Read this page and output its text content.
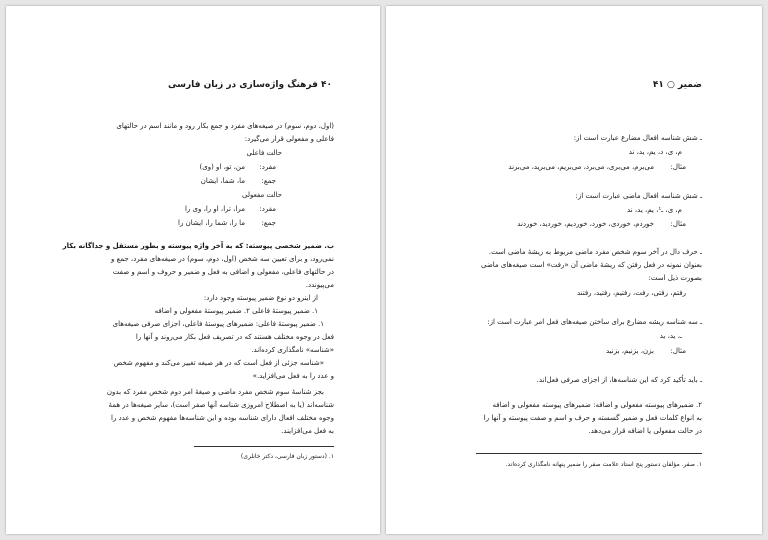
۴۰ فرهنگ واژه‌سازی در زبان فارسی

(اول، دوم، سوم) در صیغه‌های مفرد و جمع بکار رود و مانند اسم در حالتهای

فاعلی و مفعولی قرار می‌گیرد:

حالت فاعلی

مفرد:
من، تو، او (وی)
جمع:
ما، شما، ایشان

حالت مفعولی

مفرد:
مرا، ترا، او را، وی را
جمع:
ما را، شما را، ایشان را

ب. ضمیر شخصی پیوسته: که به آخر واژه پیوسته و بطور مستقل و جداگانه بکار

نمی‌رود، و برای تعیین سه شخص (اول، دوم، سوم) در صیغه‌های مفرد، جمع و

در حالتهای فاعلی، مفعولی و اضافی به فعل و ضمیر و حروف و اسم و صفت

می‌پیوندد.

از اینرو دو نوع ضمیر پیوسته وجود دارد:

۱. ضمیر پیوستهٔ فاعلی ۲. ضمیر پیوستهٔ مفعولی و اضافه

۱. ضمیر پیوستهٔ فاعلی: ضمیرهای پیوستهٔ فاعلی، اجزای صرفی صیغه‌های

فعل در وجوه مختلف هستند که در تصریف فعل بکار می‌روند و آنها را

«شناسه» نامگذاری کرده‌اند.

«شناسه جزئی از فعل است که در هر صیغه تغییر می‌کند و مفهوم شخص

و عدد را به فعل می‌افزاید.»

بجز شناسهٔ سوم شخص مفرد ماضی و صیغهٔ امر دوم شخص مفرد که بدون

شناسه‌اند (یا به اصطلاح امروزی شناسه آنها صفر است)، سایر صیغه‌ها در همهٔ

وجوه مختلف افعال دارای شناسه بوده و این شناسه‌ها مفهوم شخص و عدد را

به فعل می‌افزایند.

۱. (دستور زبان فارسی، دکتر خانلری)
ضمیر ○ ۴۱

ـ شش شناسه افعال مضارع عبارت است از:

م، ی، د، یم، ید، ند

مثال:
می‌برم، می‌بری، می‌برد، می‌بریم، می‌برید، می‌برند

ـ شش شناسه افعال ماضی عبارت است از:

م، ی، ـ¹، یم، ید، ند

مثال:
خوردم، خوردی، خورد، خوردیم، خوردید، خوردند

ـ حرف دال در آخر سوم شخص مفرد ماضی مربوط به ریشهٔ ماضی است.

بعنوان نمونه در فعل رفتن که ریشهٔ ماضی آن «رفت» است صیغه‌های ماضی

بصورت ذیل است:

رفتم، رفتی، رفت، رفتیم، رفتید، رفتند

ـ سه شناسه ریشه مضارع برای ساختن صیغه‌های فعل امر عبارت است از:

ـ، ید، ید

مثال:
بزن، بزنیم، بزنید

ـ باید تأکید کرد که این شناسه‌ها، از اجزای صرفی فعل‌اند.

۲. ضمیرهای پیوسته مفعولی و اضافه: ضمیرهای پیوسته مفعولی و اضافه

به انواع کلمات فعل و ضمیر گسسته و حرف و اسم و صفت پیوسته و آنها را

در حالت مفعولی یا اضافه قرار می‌دهد.

۱. صفر. مؤلفان دستور پنج استاد علامت صفر را ضمیر پنهانه نامگذاری کرده‌اند.
